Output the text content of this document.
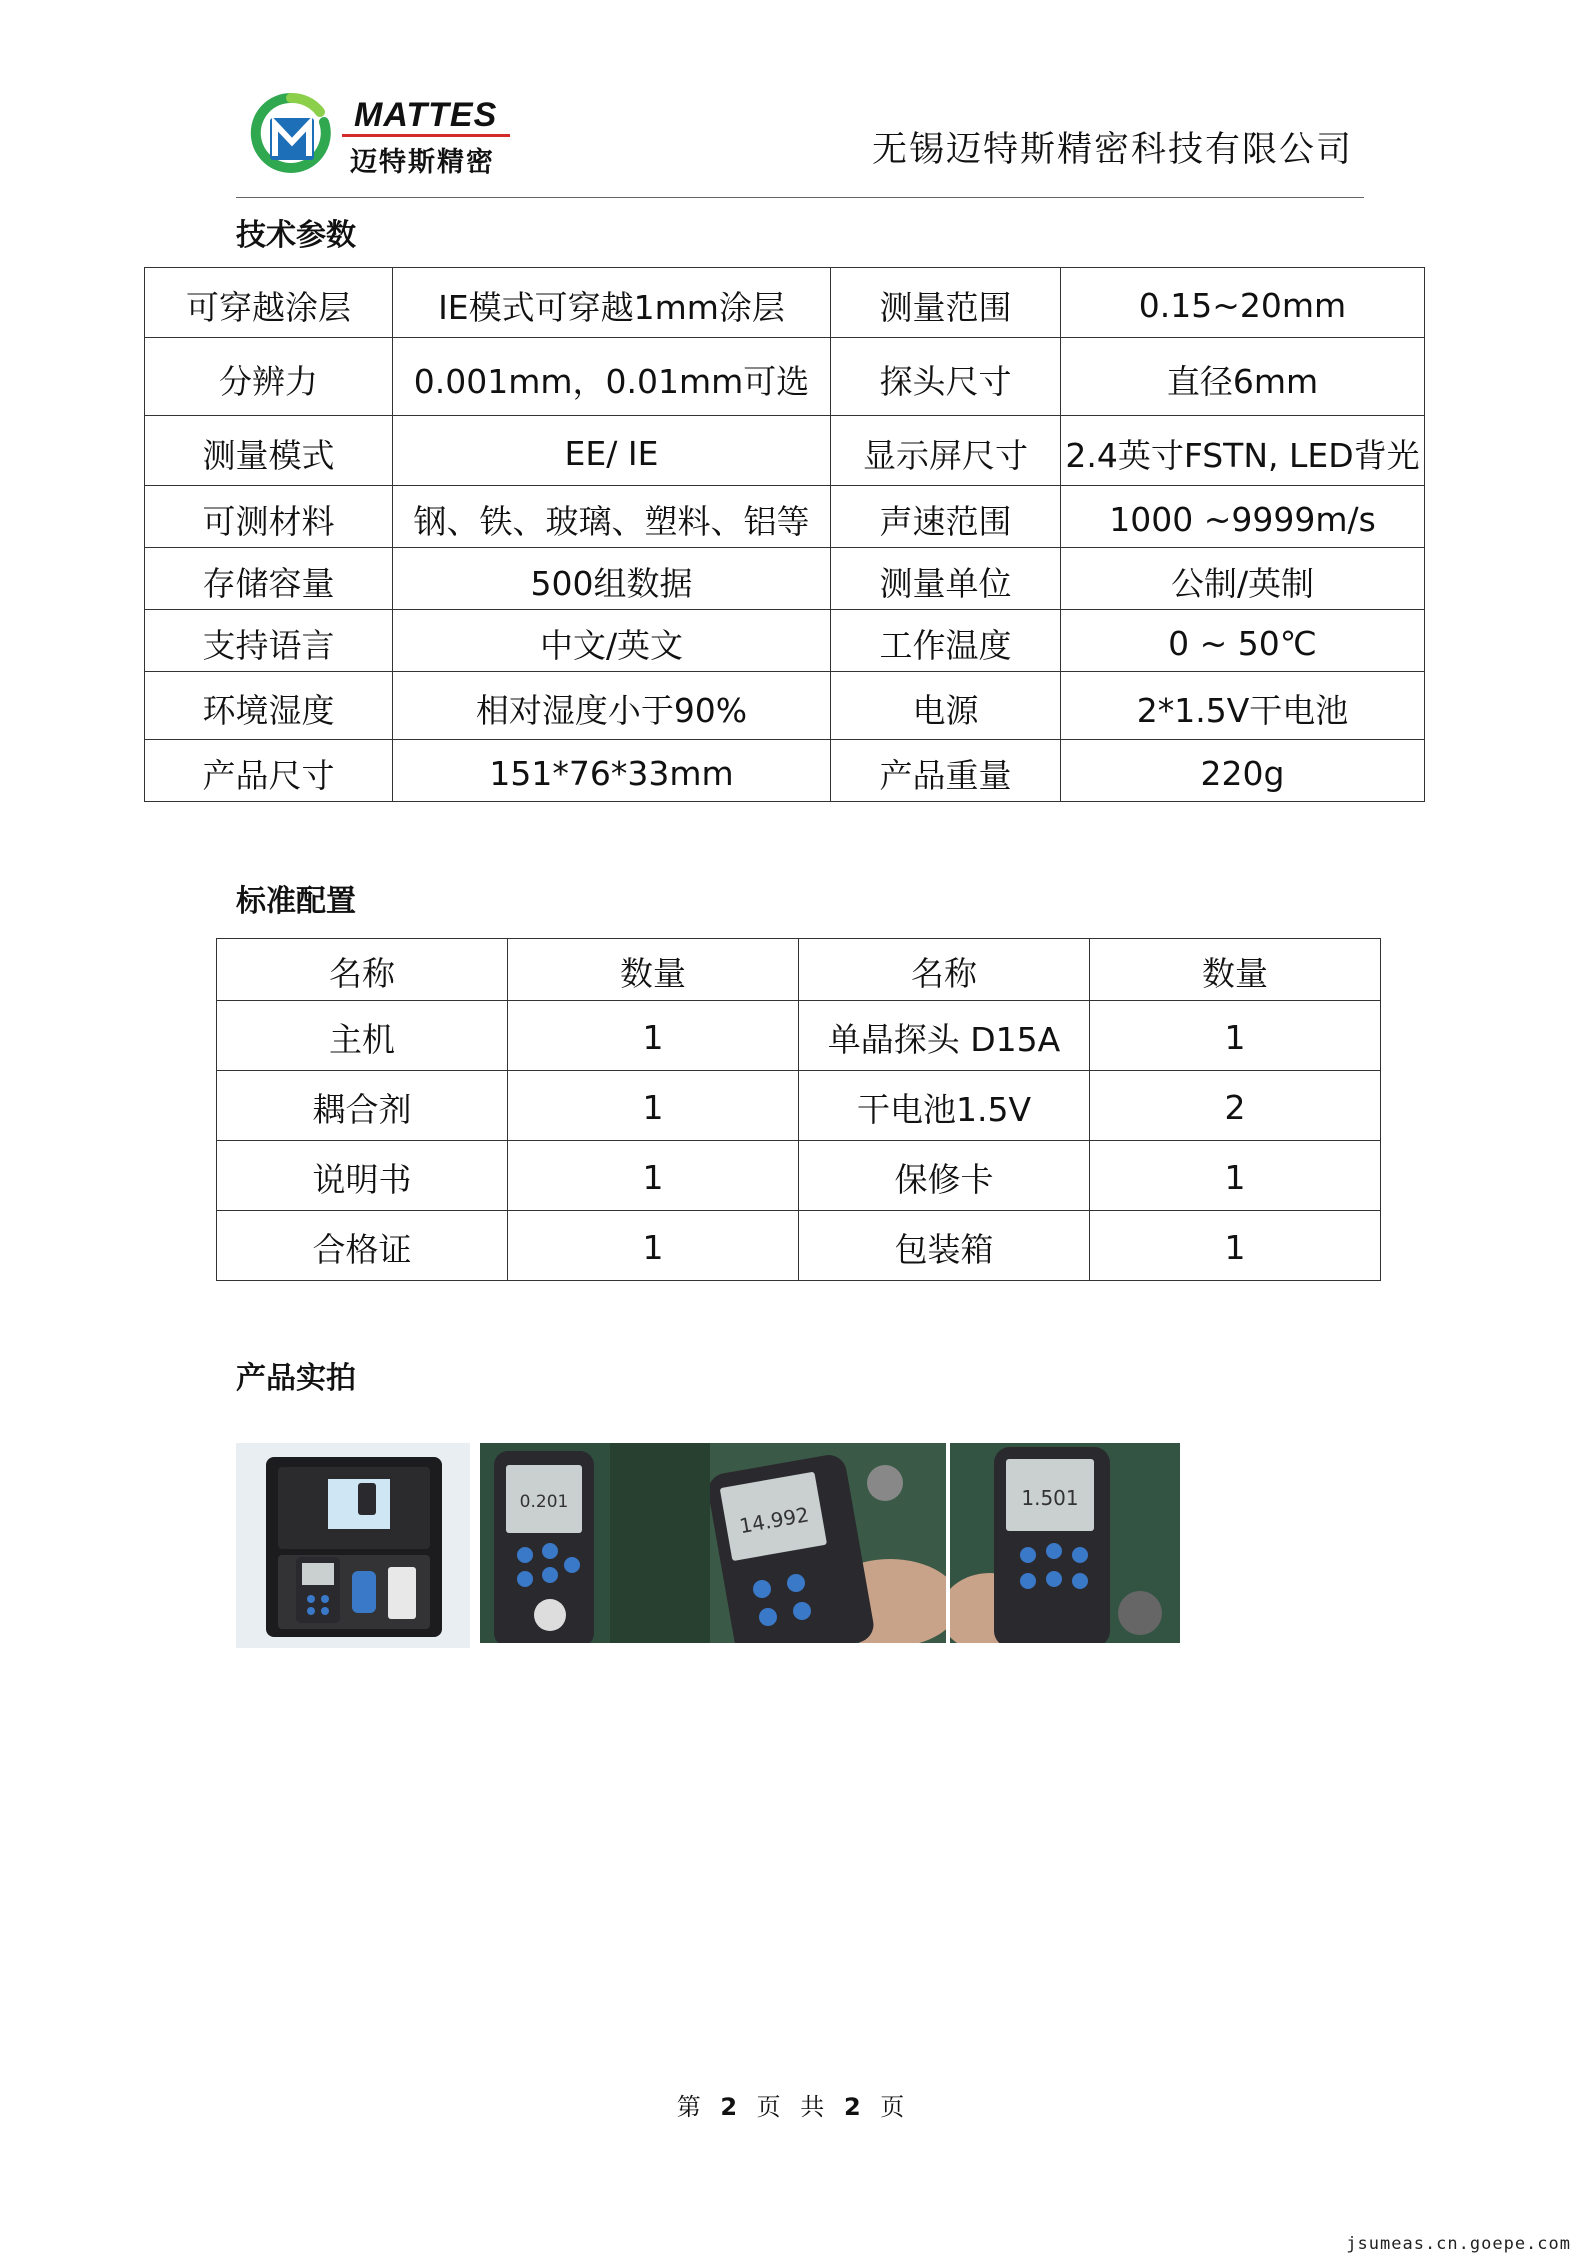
MATTES
迈特斯精密	无锡迈特斯精密科技有限公司
技术参数
可穿越涂层	IE模式可穿越1mm涂层	测量范围	0.15~20mm
分辨力	0.001mm，0.01mm可选	探头尺寸	直径6mm
测量模式	EE/ IE	显示屏尺寸	2.4英寸FSTN, LED背光
可测材料	钢、铁、玻璃、塑料、铝等	声速范围	1000 ~9999m/s
存储容量	500组数据	测量单位	公制/英制
支持语言	中文/英文	工作温度	0 ~ 50℃
环境湿度	相对湿度小于90%	电源	2*1.5V干电池
产品尺寸	151*76*33mm	产品重量	220g
标准配置
名称	数量	名称	数量
主机	1	单晶探头 D15A	1
耦合剂	1	干电池1.5V	2
说明书	1	保修卡	1
合格证	1	包装箱	1
产品实拍
0.201
14.992
1.501
第 2 页 共 2 页
jsumeas.cn.goepe.com
